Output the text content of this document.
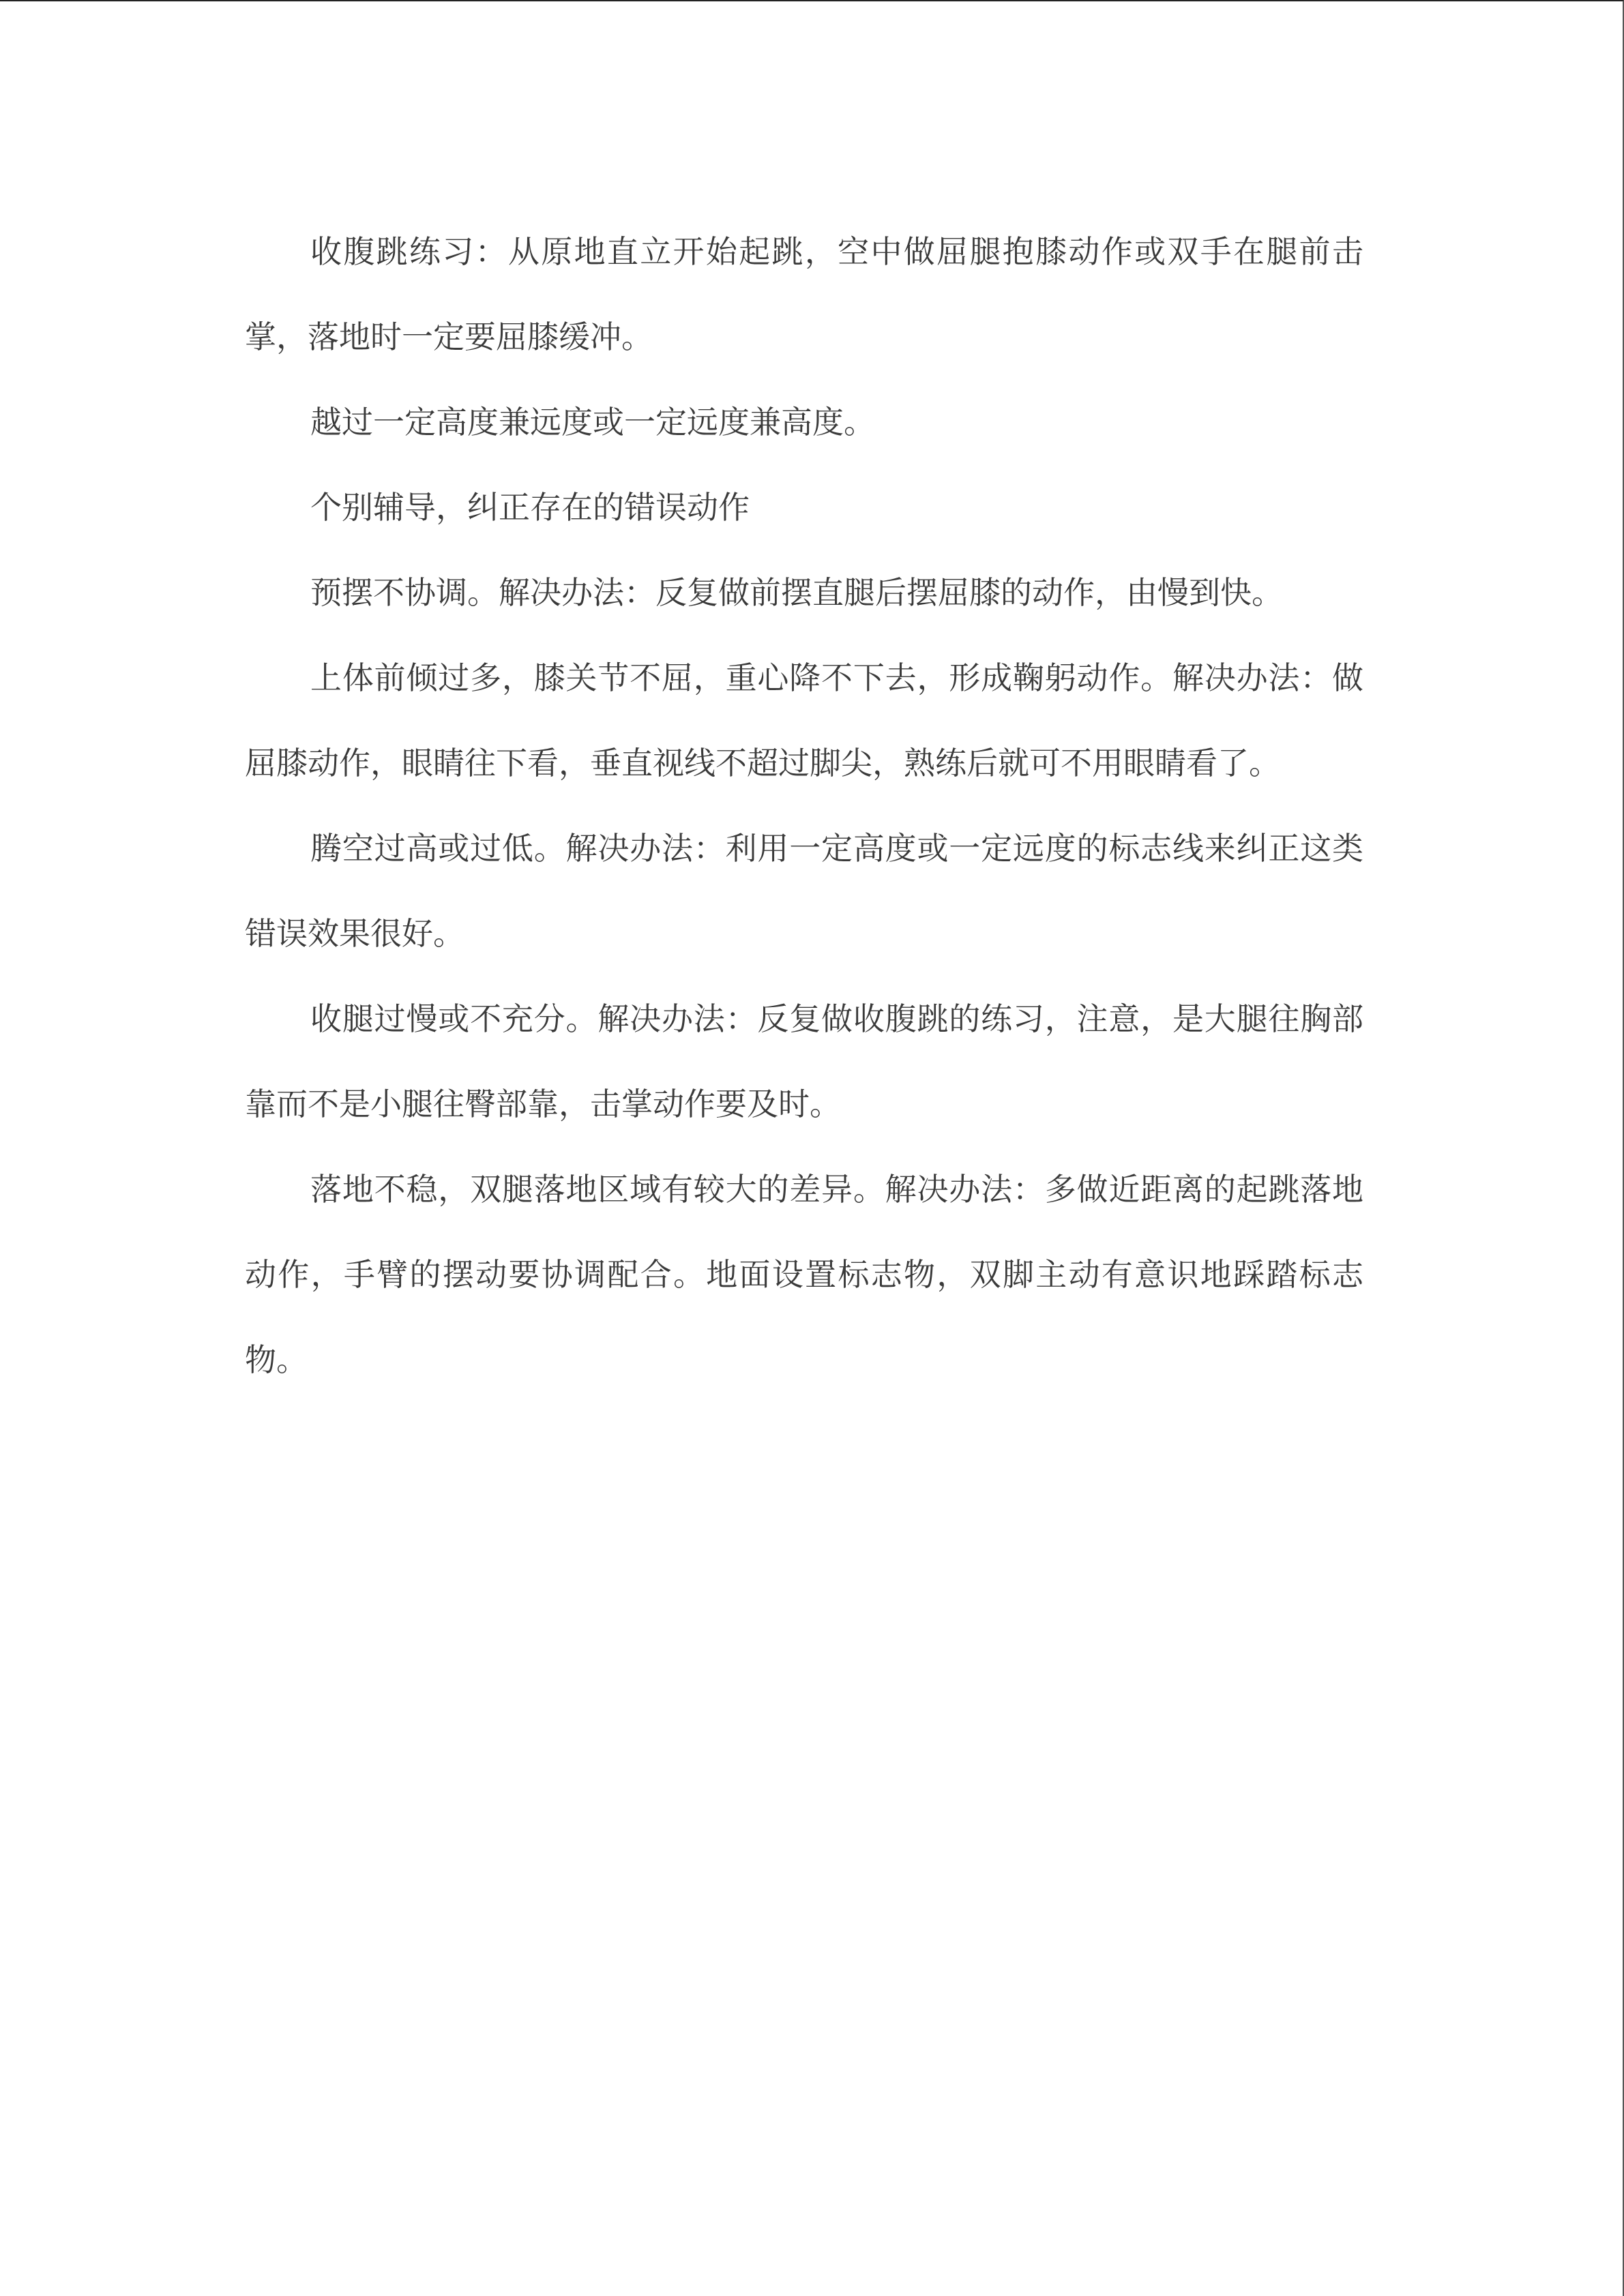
收腹跳练习：从原地直立开始起跳，空中做屈腿抱膝动作或双手在腿前击掌，落地时一定要屈膝缓冲。

越过一定高度兼远度或一定远度兼高度。

个别辅导，纠正存在的错误动作

预摆不协调。解决办法：反复做前摆直腿后摆屈膝的动作，由慢到快。

上体前倾过多，膝关节不屈，重心降不下去，形成鞠躬动作。解决办法：做屈膝动作，眼睛往下看，垂直视线不超过脚尖，熟练后就可不用眼睛看了。

腾空过高或过低。解决办法：利用一定高度或一定远度的标志线来纠正这类错误效果很好。

收腿过慢或不充分。解决办法：反复做收腹跳的练习，注意，是大腿往胸部靠而不是小腿往臀部靠，击掌动作要及时。

落地不稳，双腿落地区域有较大的差异。解决办法：多做近距离的起跳落地动作，手臂的摆动要协调配合。地面设置标志物，双脚主动有意识地踩踏标志物。
